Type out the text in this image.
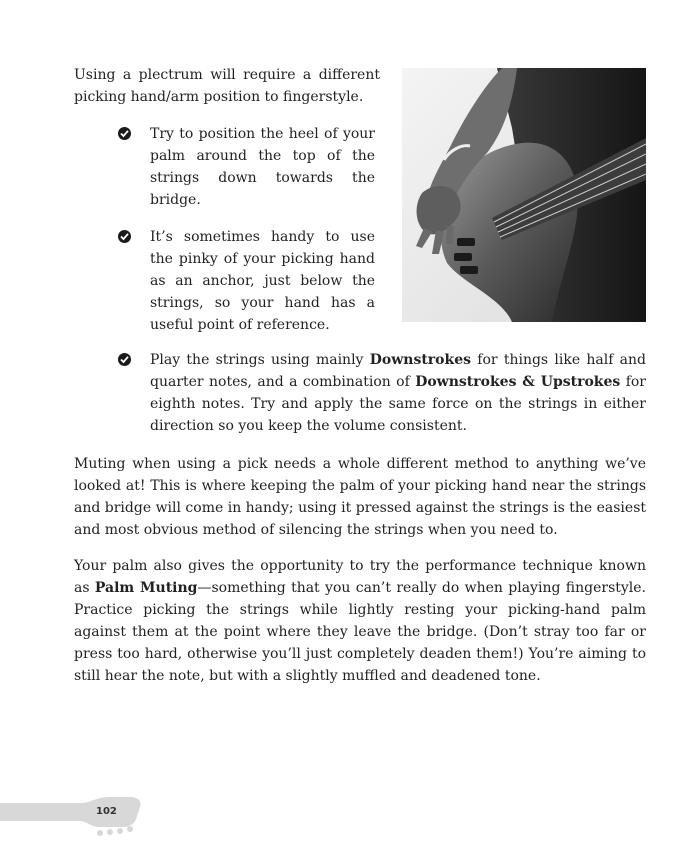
Using a plectrum will require a different picking hand/arm position to fingerstyle.

Try to position the heel of your palm around the top of the strings down towards the bridge.

It’s sometimes handy to use the pinky of your picking hand as an anchor, just below the strings, so your hand has a useful point of reference.

Play the strings using mainly Downstrokes for things like half and quarter notes, and a combination of Downstrokes & Upstrokes for eighth notes. Try and apply the same force on the strings in either direction so you keep the volume consistent.

Muting when using a pick needs a whole different method to anything we’ve looked at! This is where keeping the palm of your picking hand near the strings and bridge will come in handy; using it pressed against the strings is the easiest and most obvious method of silencing the strings when you need to.

Your palm also gives the opportunity to try the performance technique known as Palm Muting—something that you can’t really do when playing fingerstyle. Practice picking the strings while lightly resting your picking-hand palm against them at the point where they leave the bridge. (Don’t stray too far or press too hard, otherwise you’ll just completely deaden them!) You’re aiming to still hear the note, but with a slightly muffled and deadened tone.

102
